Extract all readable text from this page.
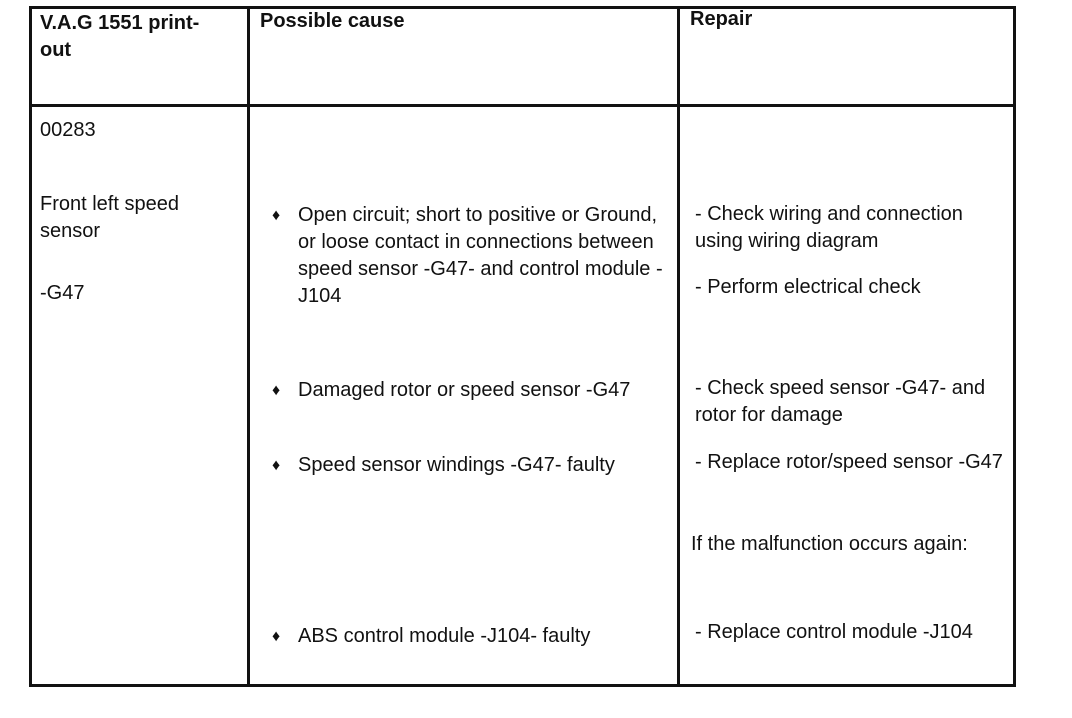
V.A.G 1551 print-out
Possible cause	Repair
00283
Front left speed sensor
-G47
♦ Open circuit; short to positive or Ground, or loose contact in connections between speed sensor -G47- and control module -J104
♦ Damaged rotor or speed sensor -G47
♦ Speed sensor windings -G47- faulty
♦ ABS control module -J104- faulty
- Check wiring and connection using wiring diagram
- Perform electrical check
- Check speed sensor -G47- and rotor for damage
- Replace rotor/speed sensor -G47
If the malfunction occurs again:
- Replace control module -J104
